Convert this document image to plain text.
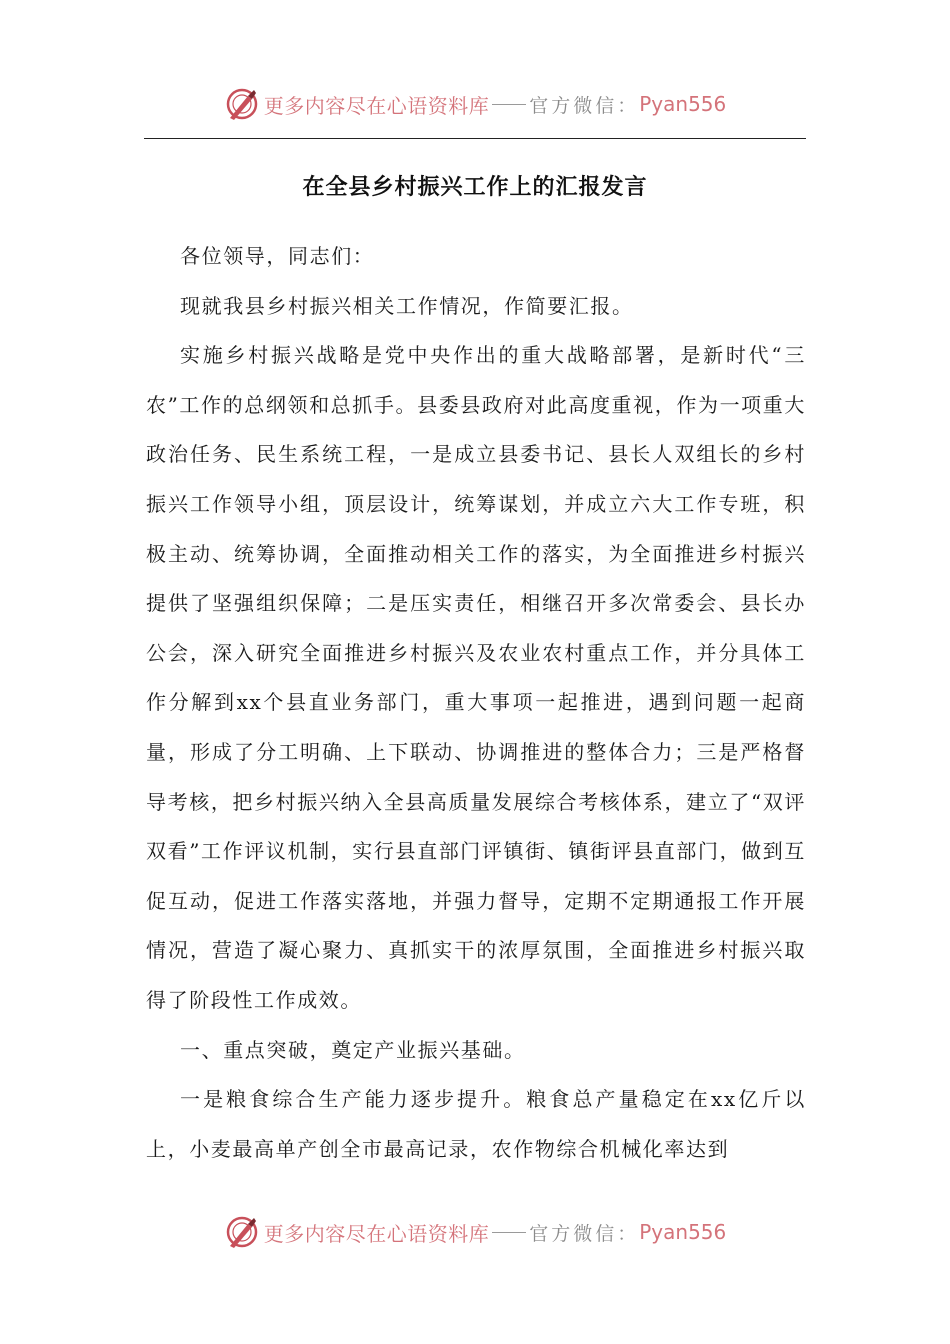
更多内容尽在心语资料库 官方微信： Pyan556
在全县乡村振兴工作上的汇报发言

各位领导，同志们：

现就我县乡村振兴相关工作情况，作简要汇报。

实施乡村振兴战略是党中央作出的重大战略部署，是新时代“三农”工作的总纲领和总抓手。县委县政府对此高度重视，作为一项重大政治任务、民生系统工程，一是成立县委书记、县长人双组长的乡村振兴工作领导小组，顶层设计，统筹谋划，并成立六大工作专班，积极主动、统筹协调，全面推动相关工作的落实，为全面推进乡村振兴提供了坚强组织保障；二是压实责任，相继召开多次常委会、县长办公会，深入研究全面推进乡村振兴及农业农村重点工作，并分具体工作分解到xx个县直业务部门，重大事项一起推进，遇到问题一起商量，形成了分工明确、上下联动、协调推进的整体合力；三是严格督导考核，把乡村振兴纳入全县高质量发展综合考核体系，建立了“双评双看”工作评议机制，实行县直部门评镇街、镇街评县直部门，做到互促互动，促进工作落实落地，并强力督导，定期不定期通报工作开展情况，营造了凝心聚力、真抓实干的浓厚氛围，全面推进乡村振兴取得了阶段性工作成效。

一、重点突破，奠定产业振兴基础。

一是粮食综合生产能力逐步提升。粮食总产量稳定在xx亿斤以上，小麦最高单产创全市最高记录，农作物综合机械化率达到

更多内容尽在心语资料库 官方微信： Pyan556
